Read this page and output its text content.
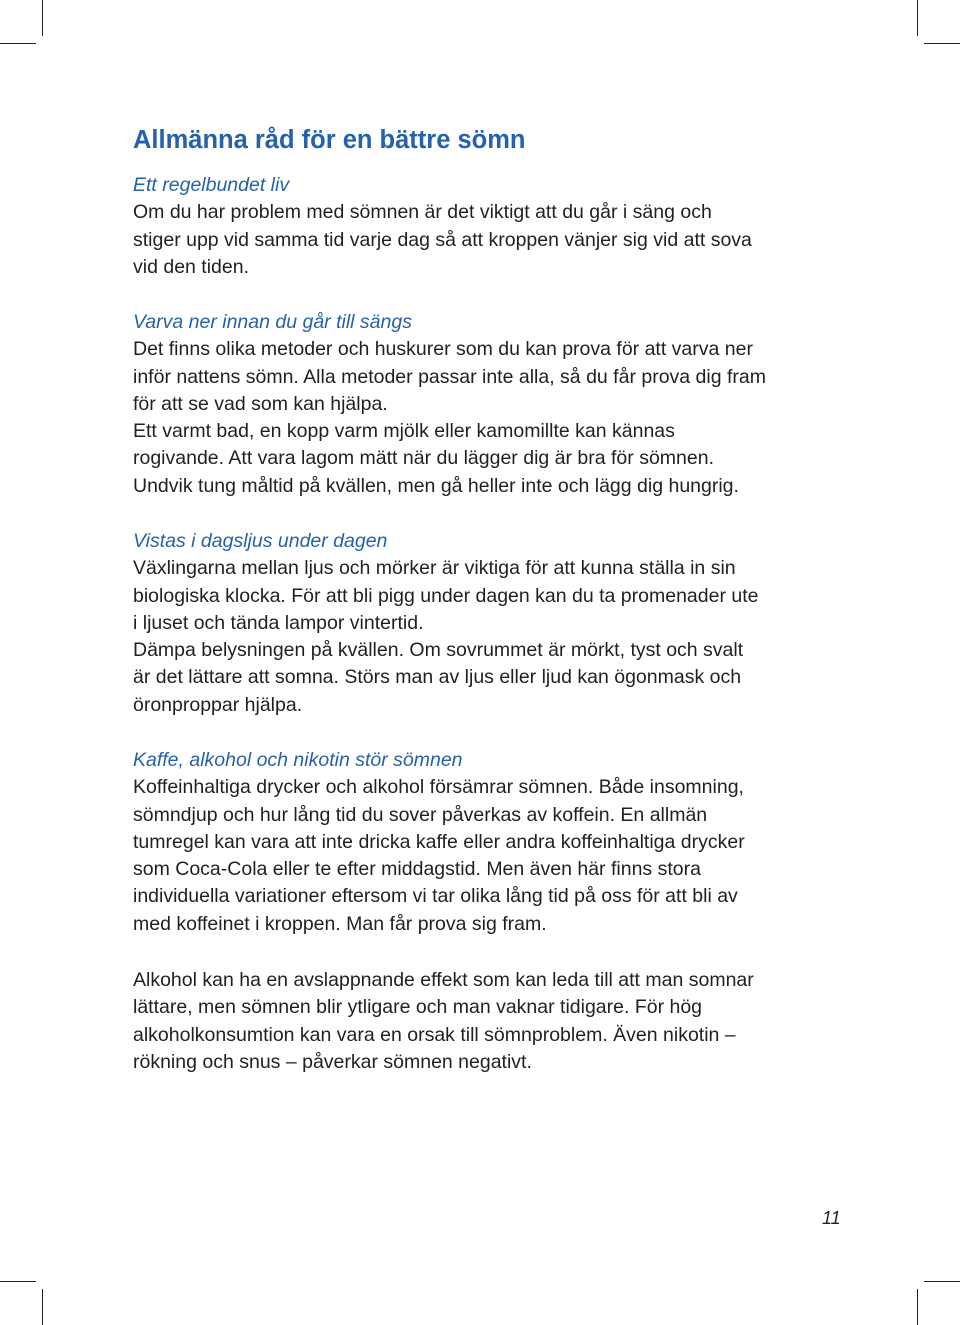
Allmänna råd för en bättre sömn
Ett regelbundet liv
Om du har problem med sömnen är det viktigt att du går i säng och
stiger upp vid samma tid varje dag så att kroppen vänjer sig vid att sova
vid den tiden.
Varva ner innan du går till sängs
Det finns olika metoder och huskurer som du kan prova för att varva ner
inför nattens sömn. Alla metoder passar inte alla, så du får prova dig fram
för att se vad som kan hjälpa.
Ett varmt bad, en kopp varm mjölk eller kamomillte kan kännas
rogivande. Att vara lagom mätt när du lägger dig är bra för sömnen.
Undvik tung måltid på kvällen, men gå heller inte och lägg dig hungrig.
Vistas i dagsljus under dagen
Växlingarna mellan ljus och mörker är viktiga för att kunna ställa in sin
biologiska klocka. För att bli pigg under dagen kan du ta promenader ute
i ljuset och tända lampor vintertid.
Dämpa belysningen på kvällen. Om sovrummet är mörkt, tyst och svalt
är det lättare att somna. Störs man av ljus eller ljud kan ögonmask och
öronproppar hjälpa.
Kaffe, alkohol och nikotin stör sömnen
Koffeinhaltiga drycker och alkohol försämrar sömnen. Både insomning,
sömndjup och hur lång tid du sover påverkas av koffein. En allmän
tumregel kan vara att inte dricka kaffe eller andra koffeinhaltiga drycker
som Coca-Cola eller te efter middagstid. Men även här finns stora
individuella variationer eftersom vi tar olika lång tid på oss för att bli av
med koffeinet i kroppen. Man får prova sig fram.
Alkohol kan ha en avslappnande effekt som kan leda till att man somnar
lättare, men sömnen blir ytligare och man vaknar tidigare. För hög
alkoholkonsumtion kan vara en orsak till sömnproblem. Även nikotin –
rökning och snus – påverkar sömnen negativt.
11
